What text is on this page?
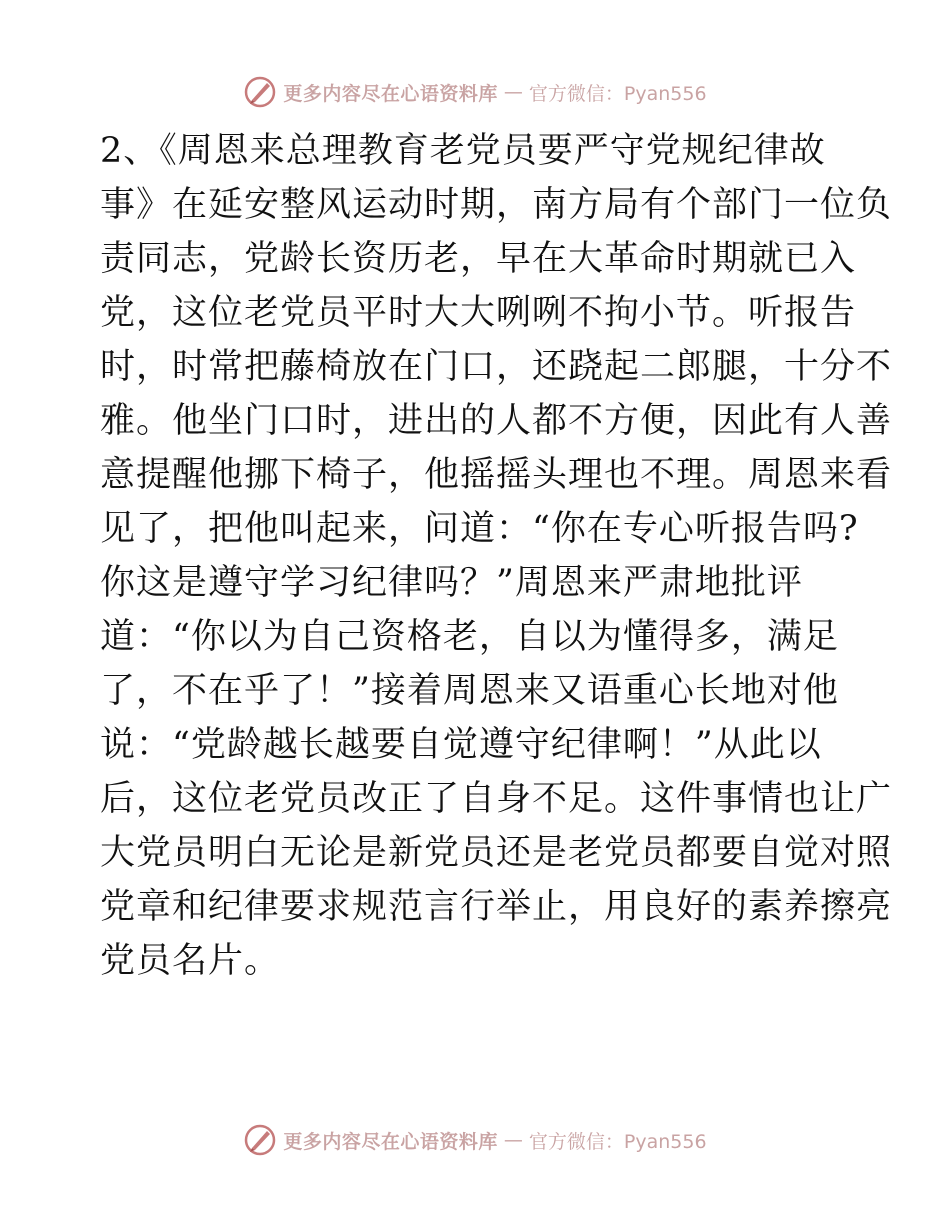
更多内容尽在心语资料库 — 官方微信：Pyan556
2、《周恩来总理教育老党员要严守党规纪律故
事》在延安整风运动时期，南方局有个部门一位负
责同志，党龄长资历老，早在大革命时期就已入
党，这位老党员平时大大咧咧不拘小节。听报告
时，时常把藤椅放在门口，还跷起二郎腿，十分不
雅。他坐门口时，进出的人都不方便，因此有人善
意提醒他挪下椅子，他摇摇头理也不理。周恩来看
见了，把他叫起来，问道：“你在专心听报告吗?
你这是遵守学习纪律吗？”周恩来严肃地批评
道：“你以为自己资格老，自以为懂得多，满足
了，不在乎了！”接着周恩来又语重心长地对他
说：“党龄越长越要自觉遵守纪律啊！”从此以
后，这位老党员改正了自身不足。这件事情也让广
大党员明白无论是新党员还是老党员都要自觉对照
党章和纪律要求规范言行举止，用良好的素养擦亮
党员名片。
更多内容尽在心语资料库 — 官方微信：Pyan556
